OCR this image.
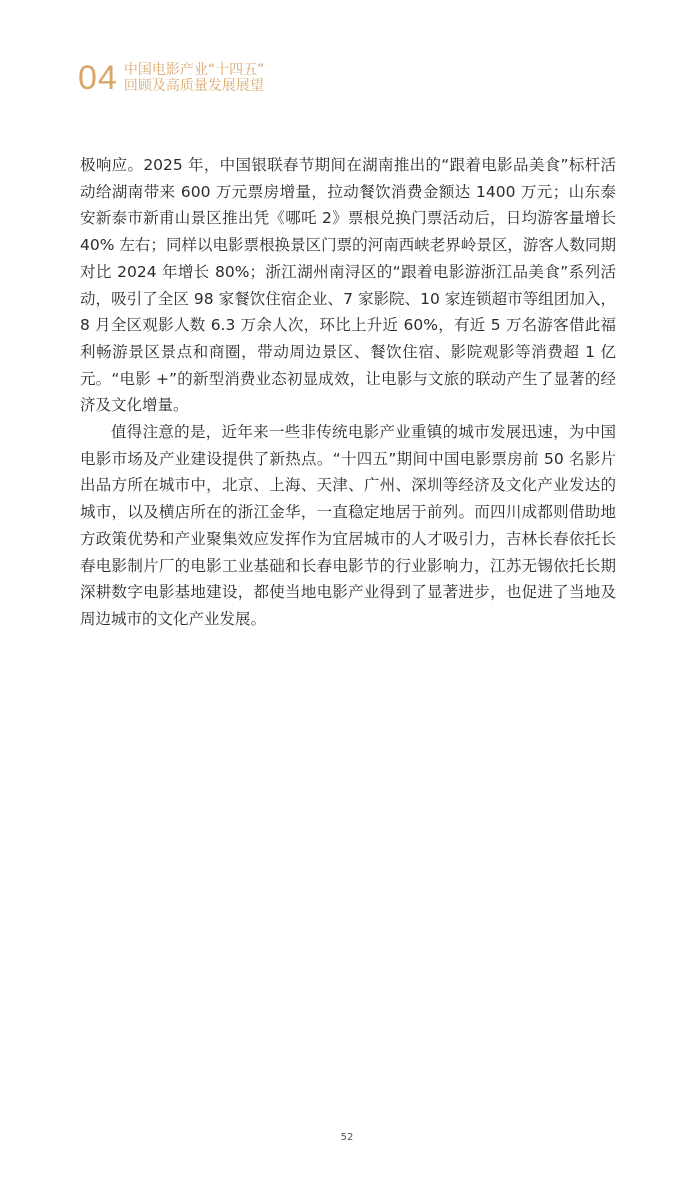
04 中国电影产业“十四五”
回顾及高质量发展展望

极响应。2025 年，中国银联春节期间在湖南推出的“跟着电影品美食”标杆活动给湖南带来 600 万元票房增量，拉动餐饮消费金额达 1400 万元；山东泰安新泰市新甫山景区推出凭《哪吒 2》票根兑换门票活动后，日均游客量增长 40% 左右；同样以电影票根换景区门票的河南西峡老界岭景区，游客人数同期对比 2024 年增长 80%；浙江湖州南浔区的“跟着电影游浙江品美食”系列活动，吸引了全区 98 家餐饮住宿企业、7 家影院、10 家连锁超市等组团加入，8 月全区观影人数 6.3 万余人次，环比上升近 60%，有近 5 万名游客借此福利畅游景区景点和商圈，带动周边景区、餐饮住宿、影院观影等消费超 1 亿元。“电影 +”的新型消费业态初显成效，让电影与文旅的联动产生了显著的经济及文化增量。

值得注意的是，近年来一些非传统电影产业重镇的城市发展迅速，为中国电影市场及产业建设提供了新热点。“十四五”期间中国电影票房前 50 名影片出品方所在城市中，北京、上海、天津、广州、深圳等经济及文化产业发达的城市，以及横店所在的浙江金华，一直稳定地居于前列。而四川成都则借助地方政策优势和产业聚集效应发挥作为宜居城市的人才吸引力，吉林长春依托长春电影制片厂的电影工业基础和长春电影节的行业影响力，江苏无锡依托长期深耕数字电影基地建设，都使当地电影产业得到了显著进步，也促进了当地及周边城市的文化产业发展。

52
